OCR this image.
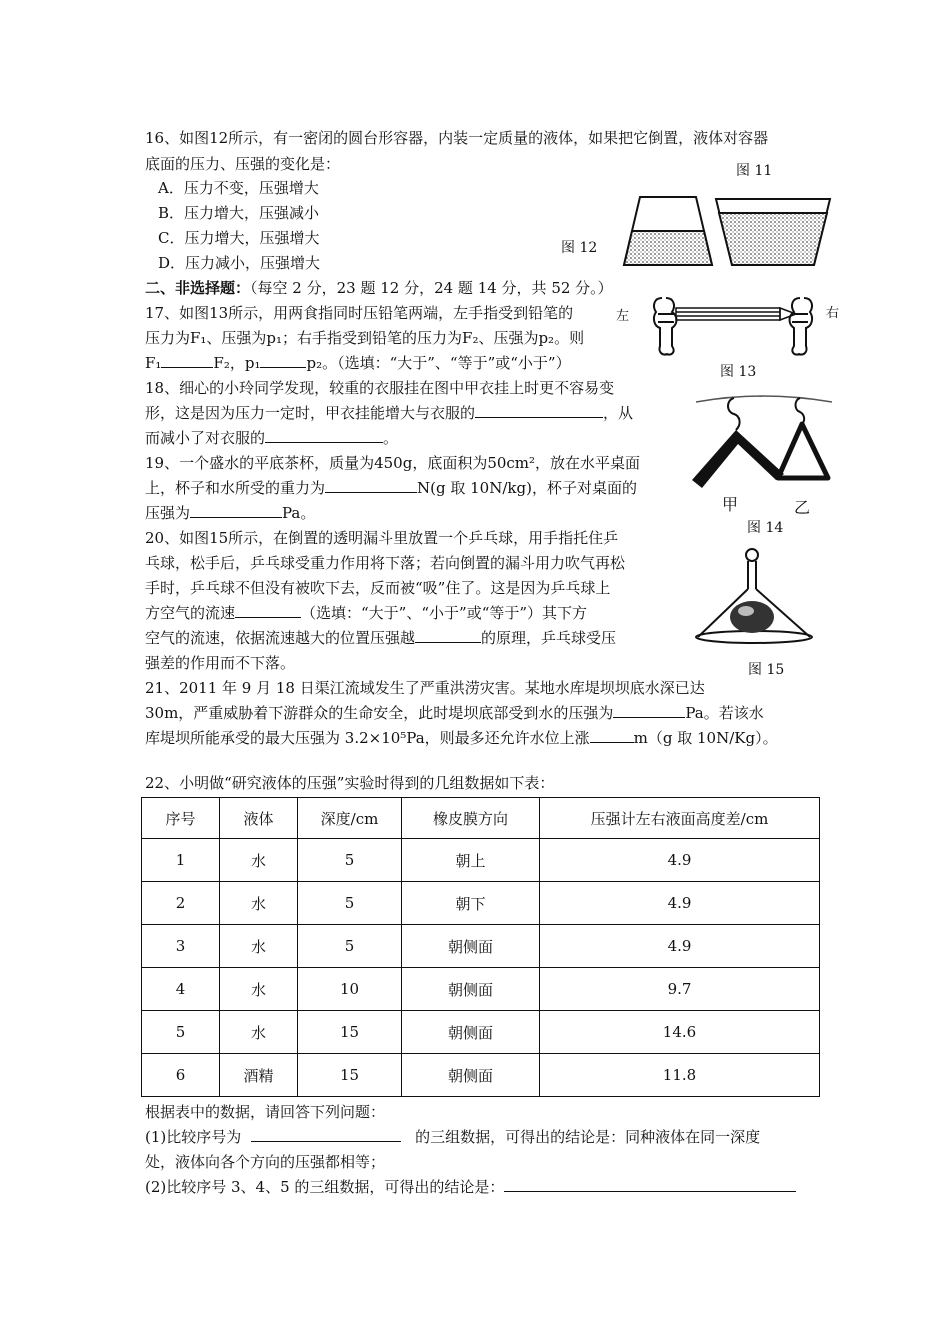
16、如图12所示，有一密闭的圆台形容器，内装一定质量的液体，如果把它倒置，液体对容器
底面的压力、压强的变化是：
A．压力不变，压强增大
B．压力增大，压强减小
C．压力增大，压强增大
D．压力减小，压强增大
二、非选择题：（每空 2 分，23 题 12 分，24 题 14 分，共 52 分。）
17、如图13所示，用两食指同时压铅笔两端，左手指受到铅笔的
压力为F₁、压强为p₁；右手指受到铅笔的压力为F₂、压强为p₂。则
F₁	F₂，p₁	p₂。（选填：“大于”、“等于”或“小于”）
18、细心的小玲同学发现，较重的衣服挂在图中甲衣挂上时更不容易变
形，这是因为压力一定时，甲衣挂能增大与衣服的	，从
而减小了对衣服的	。
19、一个盛水的平底茶杯，质量为450g，底面积为50cm²，放在水平桌面
上，杯子和水所受的重力为	N(g 取 10N/kg)，杯子对桌面的
压强为	Pa。
20、如图15所示，在倒置的透明漏斗里放置一个乒乓球，用手指托住乒
乓球，松手后，乒乓球受重力作用将下落；若向倒置的漏斗用力吹气再松
手时，乒乓球不但没有被吹下去，反而被“吸”住了。这是因为乒乓球上
方空气的流速	（选填：“大于”、“小于”或“等于”）其下方
空气的流速，依据流速越大的位置压强越	的原理，乒乓球受压
强差的作用而不下落。
21、2011 年 9 月 18 日渠江流域发生了严重洪涝灾害。某地水库堤坝坝底水深已达
30m，严重威胁着下游群众的生命安全，此时堤坝底部受到水的压强为	Pa。若该水
库堤坝所能承受的最大压强为 3.2×10⁵Pa，则最多还允许水位上涨	m（g 取 10N/Kg）。
22、小明做“研究液体的压强”实验时得到的几组数据如下表：
序号	液体	深度/cm	橡皮膜方向	压强计左右液面高度差/cm
1	水	5	朝上	4.9
2	水	5	朝下	4.9
3	水	5	朝侧面	4.9
4	水	10	朝侧面	9.7
5	水	15	朝侧面	14.6
6	酒精	15	朝侧面	11.8
根据表中的数据，请回答下列问题：
(1)比较序号为	的三组数据，可得出的结论是：同种液体在同一深度
处，液体向各个方向的压强都相等；
(2)比较序号 3、4、5 的三组数据，可得出的结论是：
图 11
图 12
图 13
图 14
图 15
左	右
甲	乙
